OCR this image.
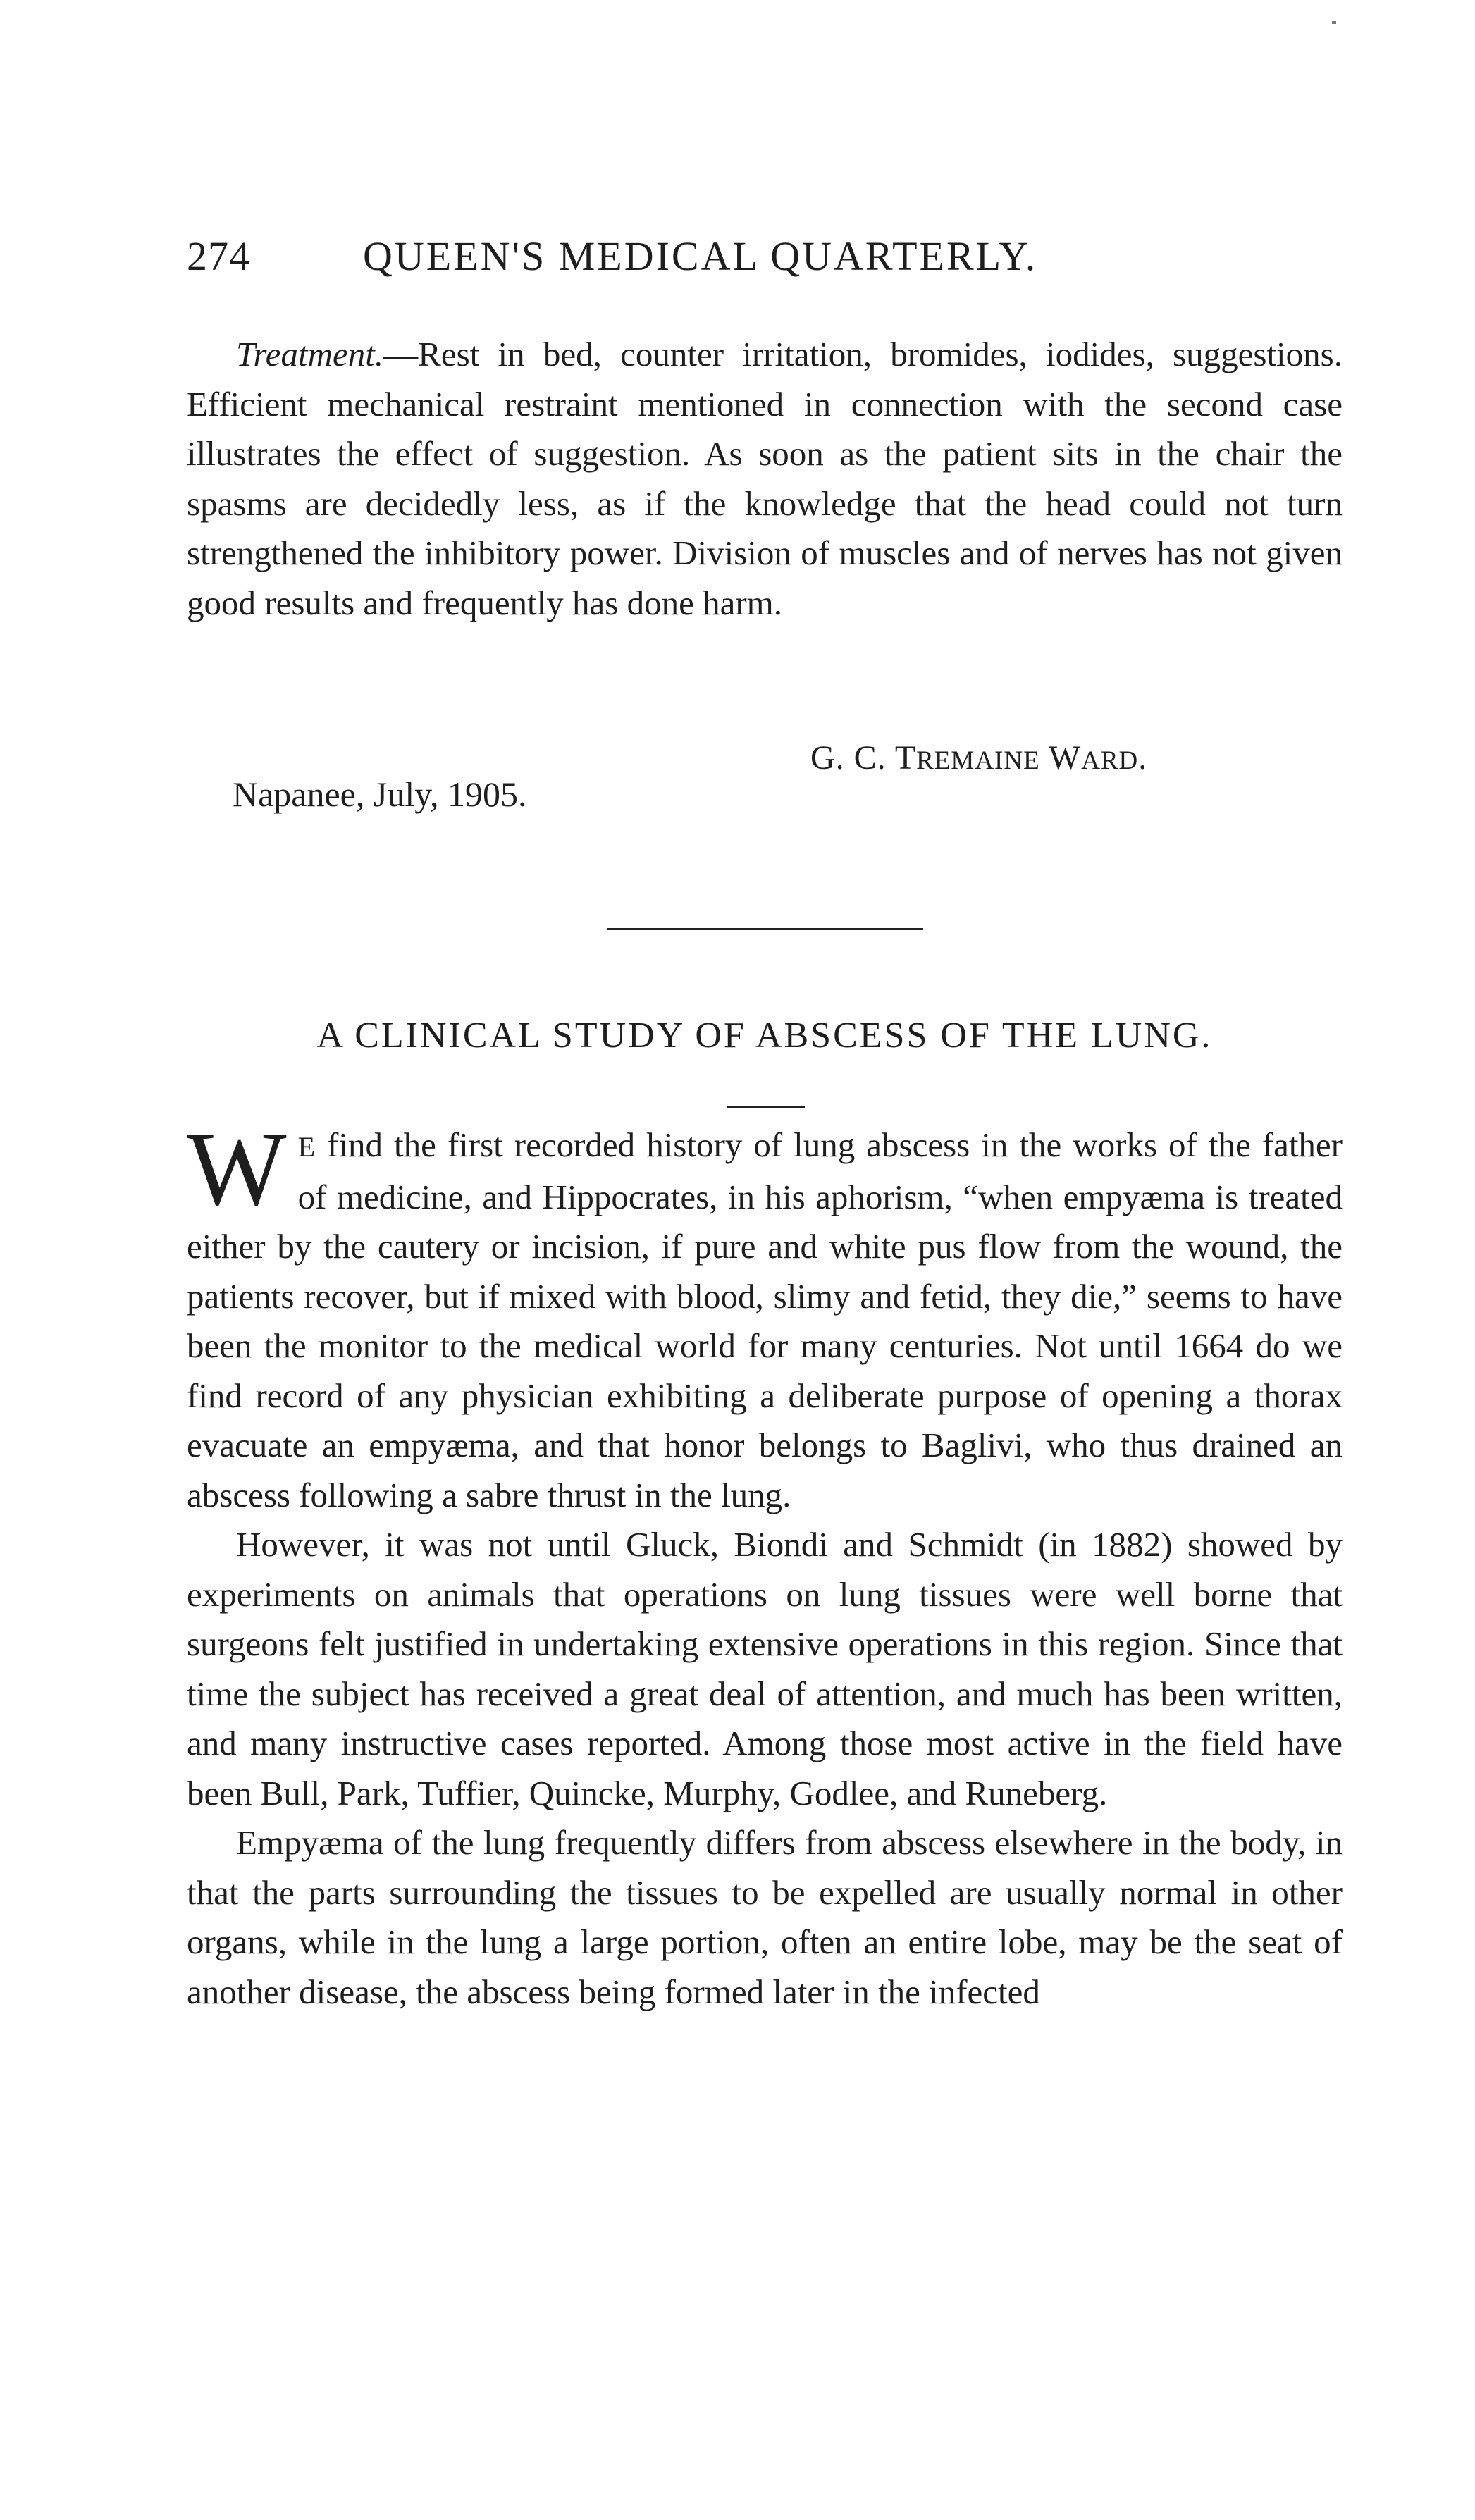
274	QUEEN'S MEDICAL QUARTERLY.

Treatment.—Rest in bed, counter irritation, bromides, iodides, suggestions. Efficient mechanical restraint mentioned in connection with the second case illustrates the effect of suggestion. As soon as the patient sits in the chair the spasms are decidedly less, as if the knowledge that the head could not turn strengthened the inhibitory power. Division of muscles and of nerves has not given good results and frequently has done harm.

G. C. TREMAINE WARD.
Napanee, July, 1905.
A CLINICAL STUDY OF ABSCESS OF THE LUNG.

W E find the first recorded history of lung abscess in the works of the father of medicine, and Hippocrates, in his aphorism, “when empyæma is treated either by the cautery or incision, if pure and white pus flow from the wound, the patients recover, but if mixed with blood, slimy and fetid, they die,” seems to have been the monitor to the medical world for many centuries. Not until 1664 do we find record of any physician exhibiting a deliberate purpose of opening a thorax evacuate an empyæma, and that honor belongs to Baglivi, who thus drained an abscess following a sabre thrust in the lung.

However, it was not until Gluck, Biondi and Schmidt (in 1882) showed by experiments on animals that operations on lung tissues were well borne that surgeons felt justified in undertaking extensive operations in this region. Since that time the subject has received a great deal of attention, and much has been written, and many instructive cases reported. Among those most active in the field have been Bull, Park, Tuffier, Quincke, Murphy, Godlee, and Runeberg.

Empyæma of the lung frequently differs from abscess elsewhere in the body, in that the parts surrounding the tissues to be expelled are usually normal in other organs, while in the lung a large portion, often an entire lobe, may be the seat of another disease, the abscess being formed later in the infected
